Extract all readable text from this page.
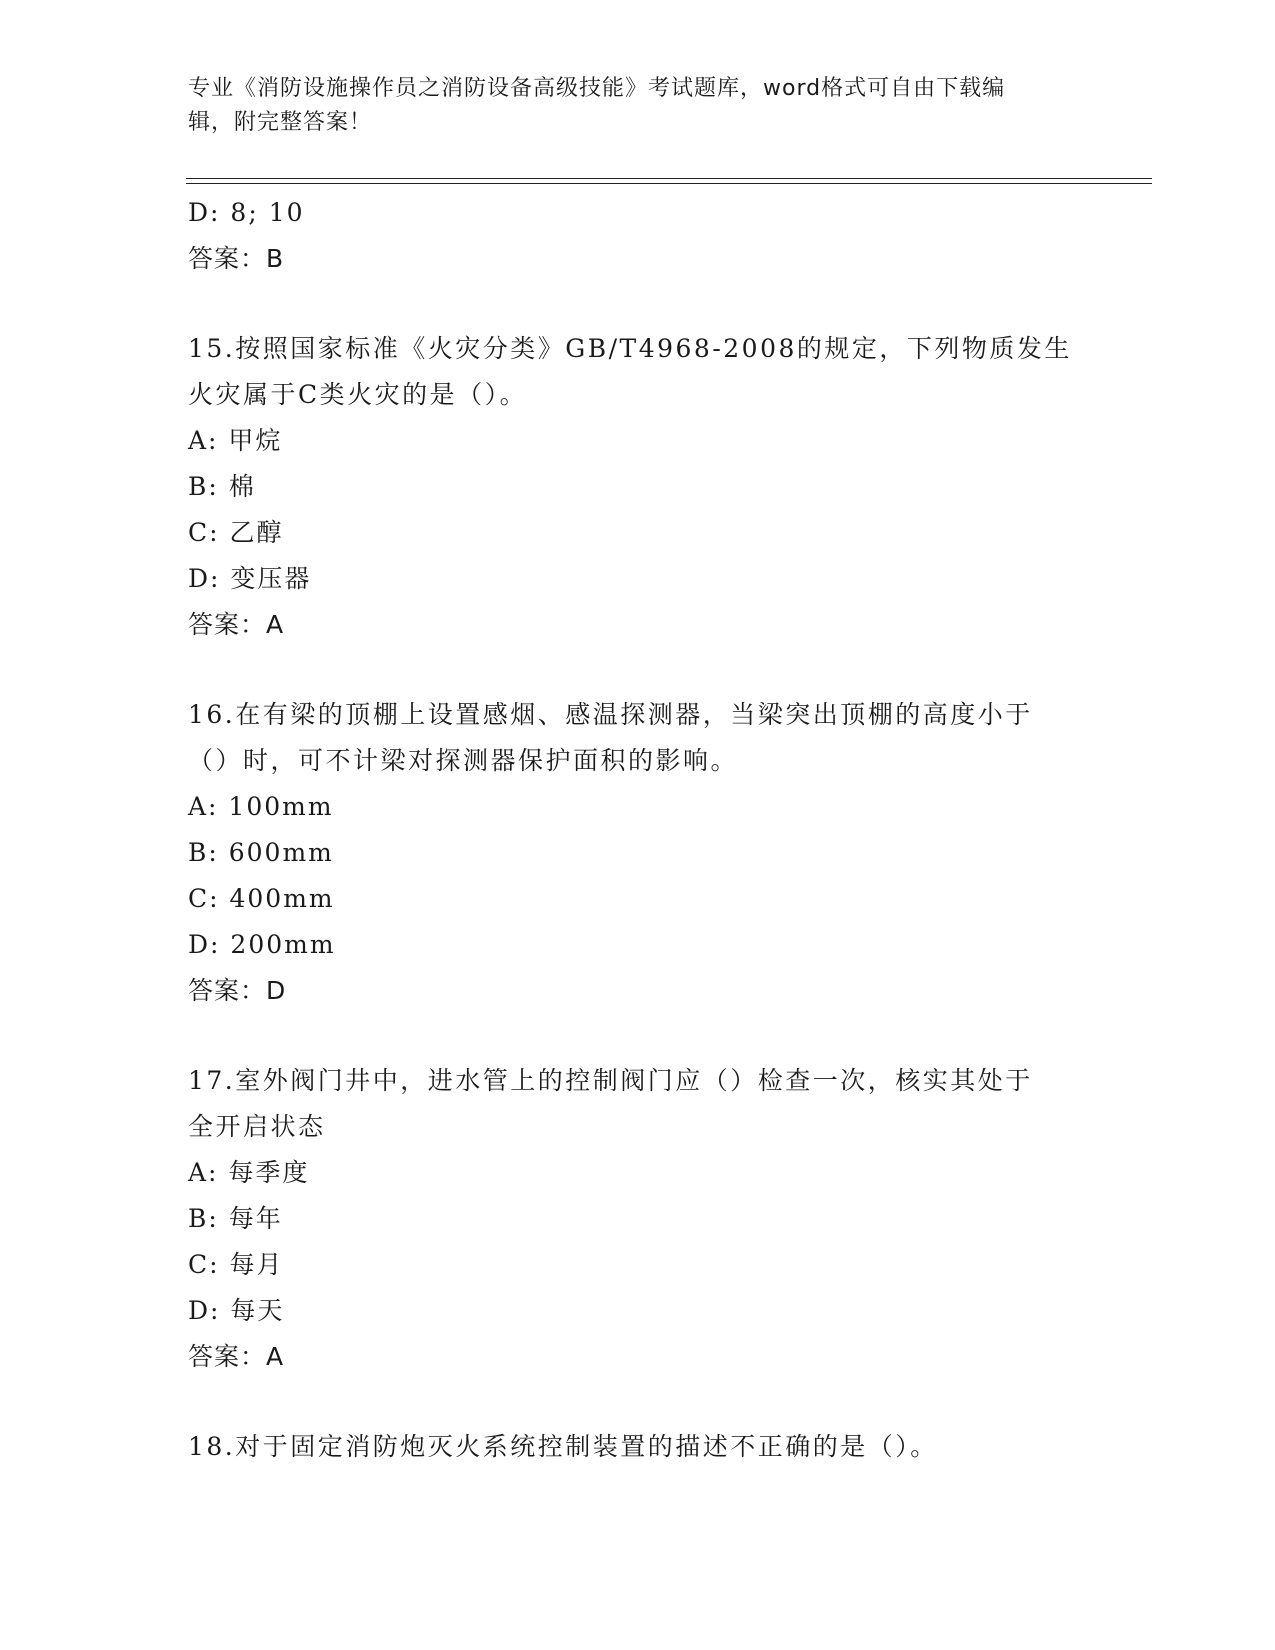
专业《消防设施操作员之消防设备高级技能》考试题库，word格式可自由下载编
辑，附完整答案！
D: 8; 10
答案：B
15.按照国家标准《火灾分类》GB/T4968-2008的规定，下列物质发生
火灾属于C类火灾的是（）。
A: 甲烷
B: 棉
C: 乙醇
D: 变压器
答案：A
16.在有梁的顶棚上设置感烟、感温探测器，当梁突出顶棚的高度小于
（）时，可不计梁对探测器保护面积的影响。
A: 100mm
B: 600mm
C: 400mm
D: 200mm
答案：D
17.室外阀门井中，进水管上的控制阀门应（）检查一次，核实其处于
全开启状态
A: 每季度
B: 每年
C: 每月
D: 每天
答案：A
18.对于固定消防炮灭火系统控制装置的描述不正确的是（）。
